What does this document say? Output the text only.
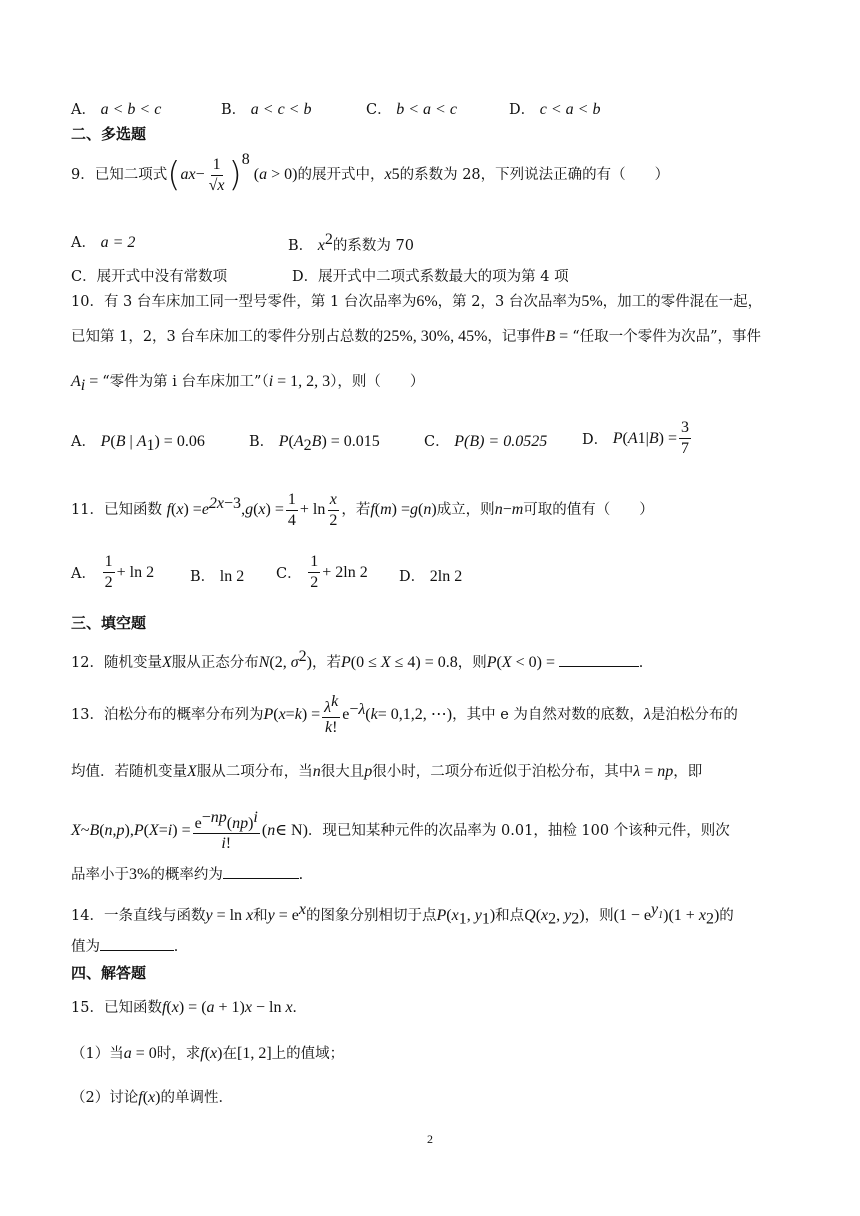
A． a < b < c	B． a < c < b	C． b < a < c	D． c < a < b
二、多选题
9．已知二项式 ( ax − $\frac{1}{√x}$ ) 8
(a > 0) 的展开式中， x 5 的系数为 28，下列说法正确的有（　　）
A． a = 2	B． $x^2$的系数为 70
C．展开式中没有常数项	D．展开式中二项式系数最大的项为第 4 项
10．有 3 台车床加工同一型号零件，第 1 台次品率为6%，第 2，3 台次品率为5%，加工的零件混在一起，
已知第 1，2，3 台车床加工的零件分别占总数的25%, 30%, 45%，记事件B = “任取一个零件为次品”，事件
$A_i$ = “零件为第 i 台车床加工”（i = 1, 2, 3），则（　　）
A． P(B | $A_1) = 0.06$	B． $P(A_2B) = 0.015$	C． P(B) = 0.0525 D．
P ( A 1 | B ) = $\frac{3}{7}$
11．已知函数
f ( x ) = e 2x−3 , g ( x ) = $\frac{1}{4} + \ln \frac{x}{2}$ ，若 f ( m ) = g ( n ) 成立，则 n − m 可取的值有（　　）
A．
$\frac{1}{2} + \ln 2$ B． ln 2 C．
$\frac{1}{2} + 2\ln$ 2 D． 2ln 2
三、填空题
12．随机变量X服从正态分布N(2, $\sigma^2$)，若P(0 ≤ X ≤ 4) = 0.8，则P(X < 0) =	.
13．泊松分布的概率分布列为 P ( x = k ) = $\frac{\lambda^k}{k!}$ e −λ ( k = 0,1,2, ⋯) ，其中 e 为自然对数的底数， λ 是泊松分布的
均值．若随机变量X服从二项分布，当n很大且p很小时，二项分布近似于泊松分布，其中λ = np，即
X ~ B ( n , p ), P ( X = i ) = $\frac{e^{-np}(np)^i}{i!}$ ( n ∈ N) ．现已知某种元件的次品率为 0.01，抽检 100 个该种元件，则次
品率小于3%的概率约为	.
14．一条直线与函数y = ln x和$y = e^x$的图象分别相切于点$P(x_1$, $y_1$)和点$Q(x_2$, $y_2$)，则$(1 - e^{y_1})(1 + x_2)$的
值为	.
四、解答题
15．已知函数f(x) = (a + 1)x − ln x.
（1）当a = 0时，求f(x)在[1, 2]上的值域；
（2）讨论f(x)的单调性．
2
